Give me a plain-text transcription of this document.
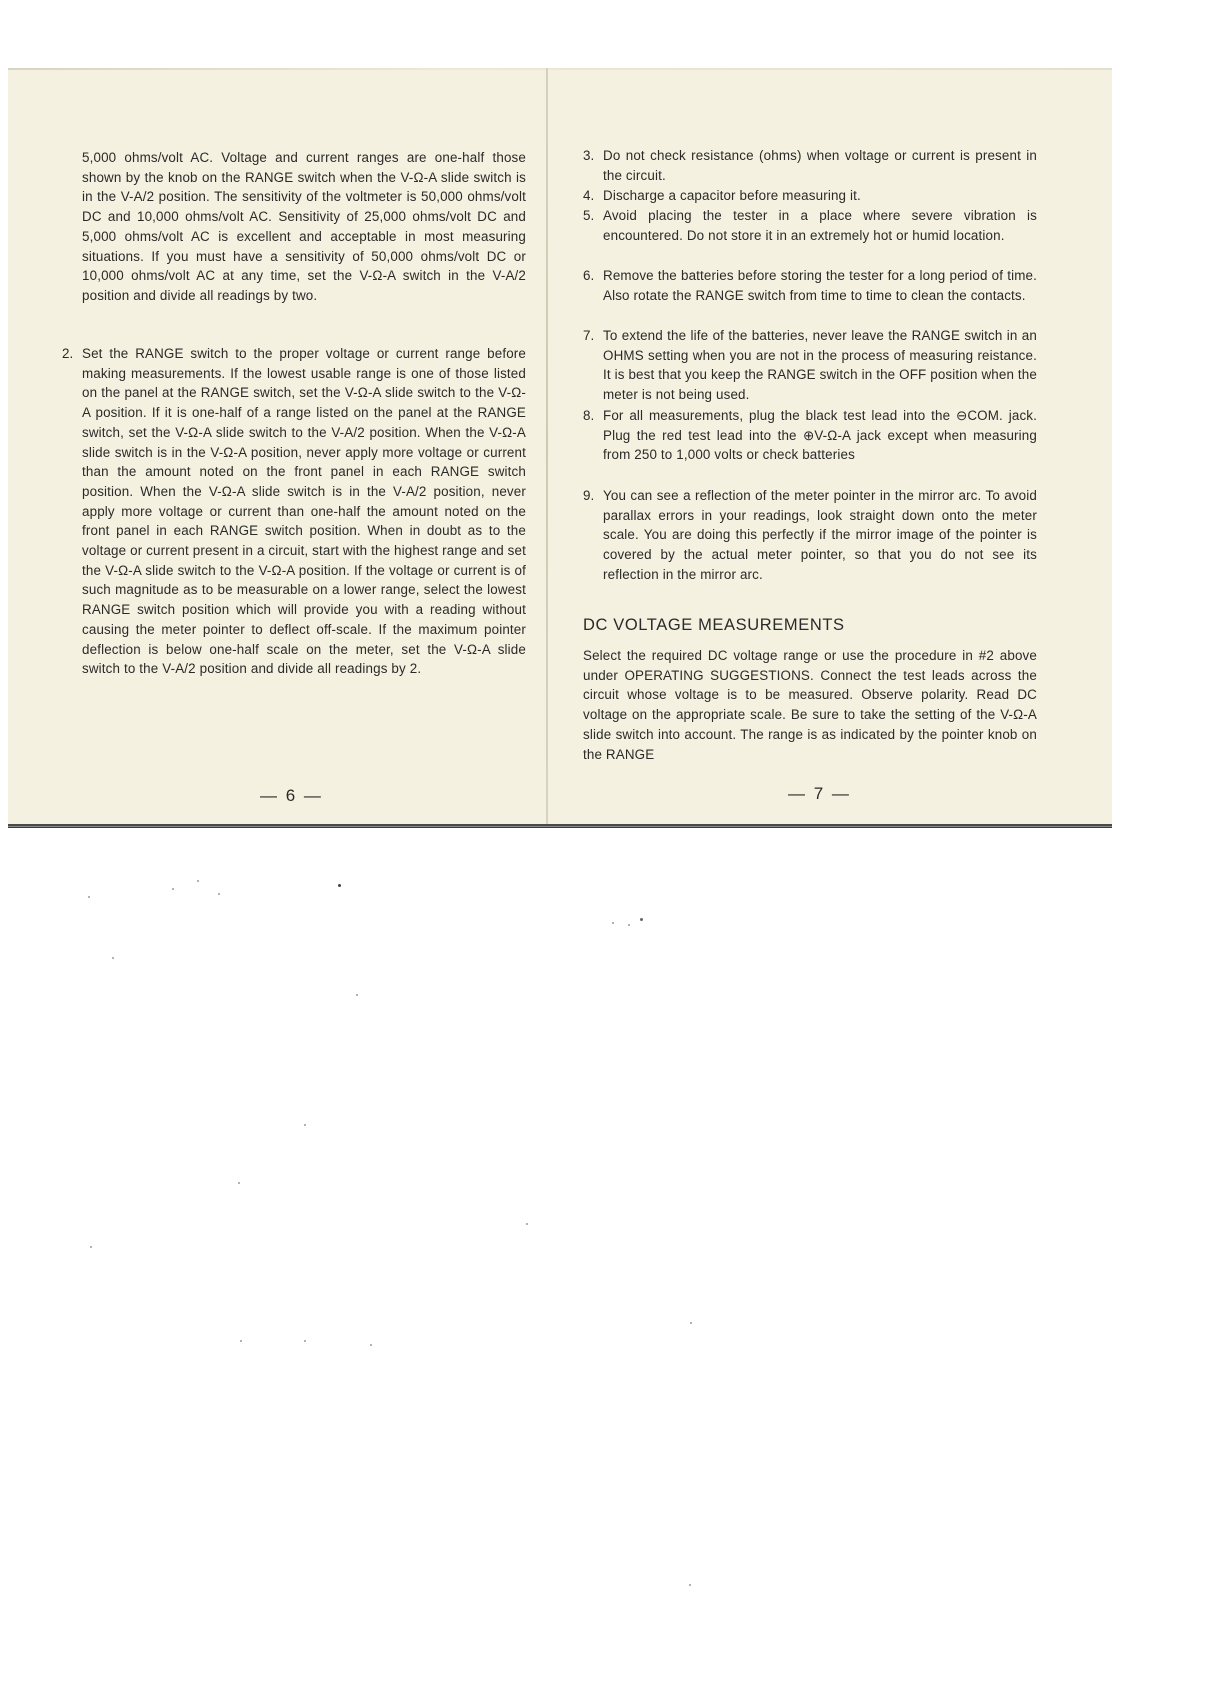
5,000 ohms/volt AC. Voltage and current ranges are one-half those shown by the knob on the RANGE switch when the V-Ω-A slide switch is in the V-A/2 position. The sensitivity of the voltmeter is 50,000 ohms/volt DC and 10,000 ohms/volt AC. Sensitivity of 25,000 ohms/volt DC and 5,000 ohms/volt AC is excellent and acceptable in most measuring situations. If you must have a sensitivity of 50,000 ohms/volt DC or 10,000 ohms/volt AC at any time, set the V-Ω-A switch in the V-A/2 position and divide all readings by two.

2. Set the RANGE switch to the proper voltage or current range before making measurements. If the lowest usable range is one of those listed on the panel at the RANGE switch, set the V-Ω-A slide switch to the V-Ω-A position. If it is one-half of a range listed on the panel at the RANGE switch, set the V-Ω-A slide switch to the V-A/2 position. When the V-Ω-A slide switch is in the V-Ω-A position, never apply more voltage or current than the amount noted on the front panel in each RANGE switch position. When the V-Ω-A slide switch is in the V-A/2 position, never apply more voltage or current than one-half the amount noted on the front panel in each RANGE switch position. When in doubt as to the voltage or current present in a circuit, start with the highest range and set the V-Ω-A slide switch to the V-Ω-A position. If the voltage or current is of such magnitude as to be measurable on a lower range, select the lowest RANGE switch position which will provide you with a reading without causing the meter pointer to deflect off-scale. If the maximum pointer deflection is below one-half scale on the meter, set the V-Ω-A slide switch to the V-A/2 position and divide all readings by 2.

— 6 —
3. Do not check resistance (ohms) when voltage or current is present in the circuit.

4. Discharge a capacitor before measuring it.

5. Avoid placing the tester in a place where severe vibration is encountered. Do not store it in an extremely hot or humid location.

6. Remove the batteries before storing the tester for a long period of time. Also rotate the RANGE switch from time to time to clean the contacts.

7. To extend the life of the batteries, never leave the RANGE switch in an OHMS setting when you are not in the process of measuring reistance. It is best that you keep the RANGE switch in the OFF position when the meter is not being used.

8. For all measurements, plug the black test lead into the ⊖COM. jack. Plug the red test lead into the ⊕V-Ω-A jack except when measuring from 250 to 1,000 volts or check batteries

9. You can see a reflection of the meter pointer in the mirror arc. To avoid parallax errors in your readings, look straight down onto the meter scale. You are doing this perfectly if the mirror image of the pointer is covered by the actual meter pointer, so that you do not see its reflection in the mirror arc.

DC VOLTAGE MEASUREMENTS

Select the required DC voltage range or use the procedure in #2 above under OPERATING SUGGESTIONS. Connect the test leads across the circuit whose voltage is to be measured. Observe polarity. Read DC voltage on the appropriate scale. Be sure to take the setting of the V-Ω-A slide switch into account. The range is as indicated by the pointer knob on the RANGE

— 7 —
